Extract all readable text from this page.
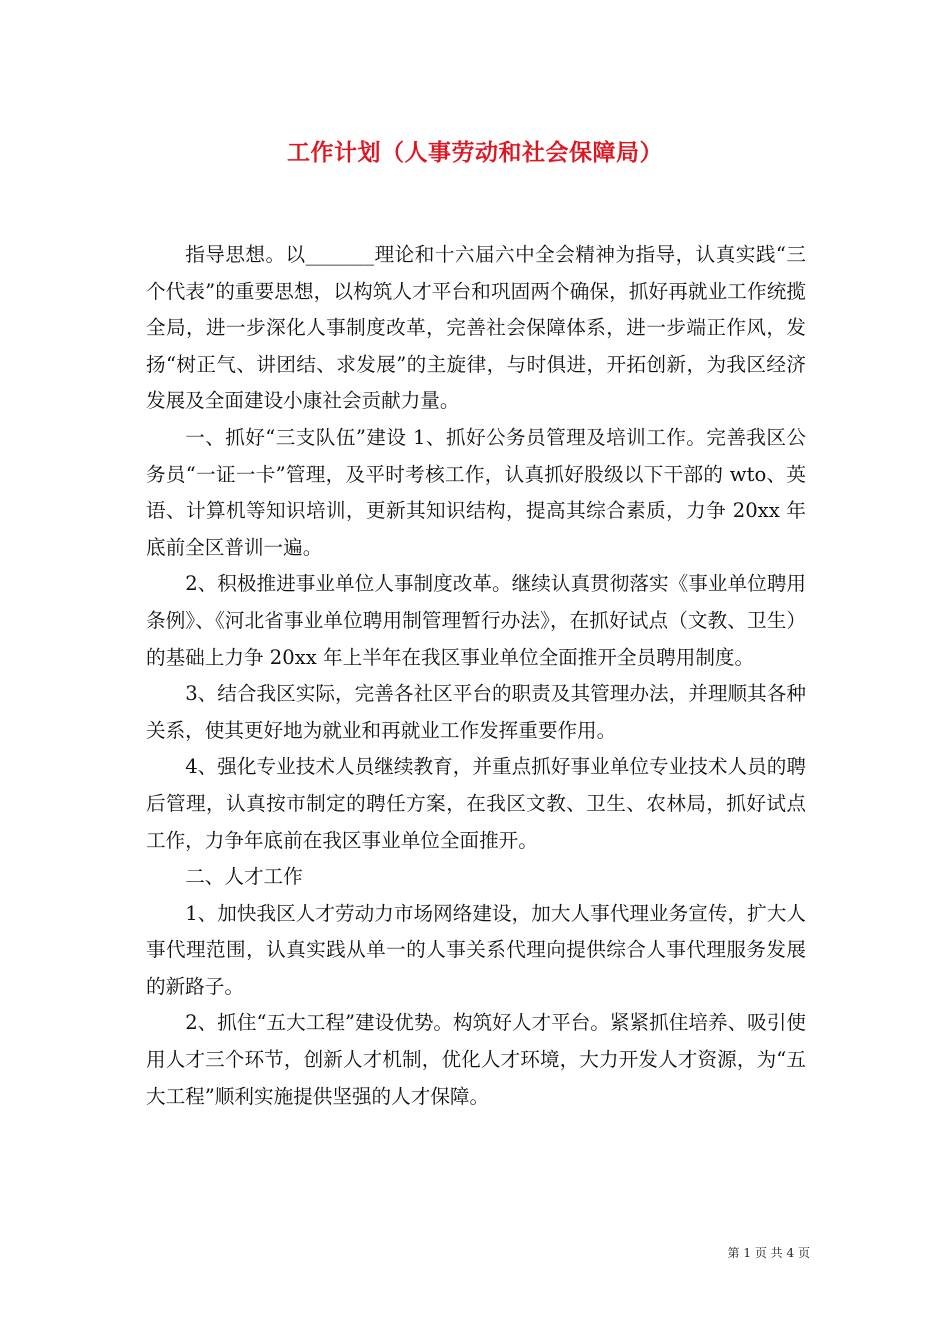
工作计划（人事劳动和社会保障局）

指导思想。以_______理论和十六届六中全会精神为指导，认真实践“三个代表”的重要思想，以构筑人才平台和巩固两个确保，抓好再就业工作统揽全局，进一步深化人事制度改革，完善社会保障体系，进一步端正作风，发扬“树正气、讲团结、求发展”的主旋律，与时俱进，开拓创新，为我区经济发展及全面建设小康社会贡献力量。

一、抓好“三支队伍”建设 1、抓好公务员管理及培训工作。完善我区公务员“一证一卡”管理，及平时考核工作，认真抓好股级以下干部的 wto、英语、计算机等知识培训，更新其知识结构，提高其综合素质，力争 20xx 年底前全区普训一遍。

2、积极推进事业单位人事制度改革。继续认真贯彻落实《事业单位聘用条例》、《河北省事业单位聘用制管理暂行办法》，在抓好试点（文教、卫生）的基础上力争 20xx 年上半年在我区事业单位全面推开全员聘用制度。

3、结合我区实际，完善各社区平台的职责及其管理办法，并理顺其各种关系，使其更好地为就业和再就业工作发挥重要作用。

4、强化专业技术人员继续教育，并重点抓好事业单位专业技术人员的聘后管理，认真按市制定的聘任方案，在我区文教、卫生、农林局，抓好试点工作，力争年底前在我区事业单位全面推开。

二、人才工作

1、加快我区人才劳动力市场网络建设，加大人事代理业务宣传，扩大人事代理范围，认真实践从单一的人事关系代理向提供综合人事代理服务发展的新路子。

2、抓住“五大工程”建设优势。构筑好人才平台。紧紧抓住培养、吸引使用人才三个环节，创新人才机制，优化人才环境，大力开发人才资源，为“五大工程”顺利实施提供坚强的人才保障。

第 1 页 共 4 页
